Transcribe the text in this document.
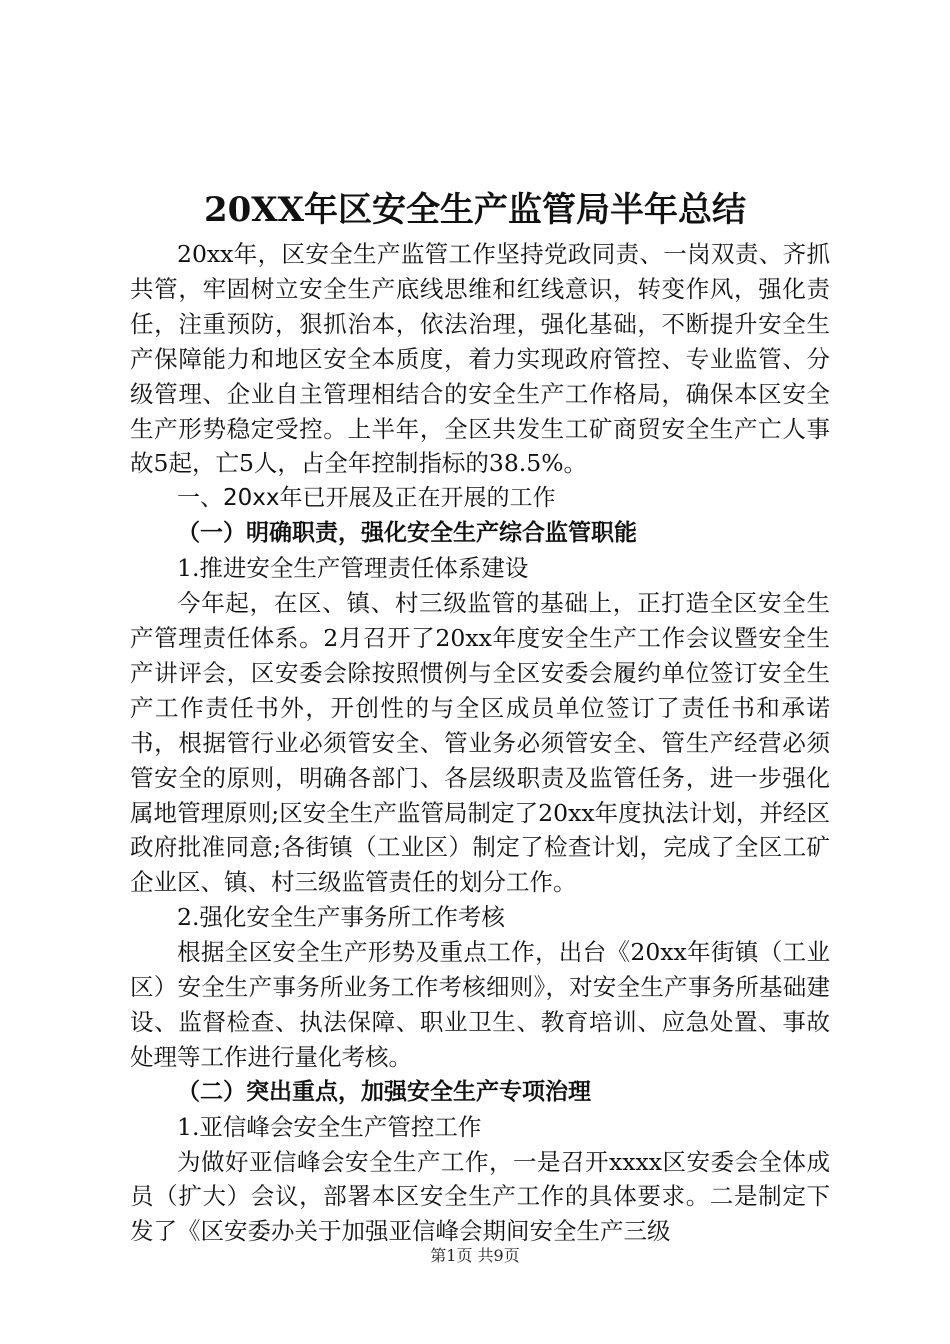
20XX年区安全生产监管局半年总结

20xx年，区安全生产监管工作坚持党政同责、一岗双责、齐抓共管，牢固树立安全生产底线思维和红线意识，转变作风，强化责任，注重预防，狠抓治本，依法治理，强化基础，不断提升安全生产保障能力和地区安全本质度，着力实现政府管控、专业监管、分级管理、企业自主管理相结合的安全生产工作格局，确保本区安全生产形势稳定受控。上半年，全区共发生工矿商贸安全生产亡人事故5起，亡5人，占全年控制指标的38.5%。

一、20xx年已开展及正在开展的工作

（一）明确职责，强化安全生产综合监管职能

1.推进安全生产管理责任体系建设

今年起，在区、镇、村三级监管的基础上，正打造全区安全生产管理责任体系。2月召开了20xx年度安全生产工作会议暨安全生产讲评会，区安委会除按照惯例与全区安委会履约单位签订安全生产工作责任书外，开创性的与全区成员单位签订了责任书和承诺书，根据管行业必须管安全、管业务必须管安全、管生产经营必须管安全的原则，明确各部门、各层级职责及监管任务，进一步强化属地管理原则;区安全生产监管局制定了20xx年度执法计划，并经区政府批准同意;各街镇（工业区）制定了检查计划，完成了全区工矿企业区、镇、村三级监管责任的划分工作。

2.强化安全生产事务所工作考核

根据全区安全生产形势及重点工作，出台《20xx年街镇（工业区）安全生产事务所业务工作考核细则》，对安全生产事务所基础建设、监督检查、执法保障、职业卫生、教育培训、应急处置、事故处理等工作进行量化考核。

（二）突出重点，加强安全生产专项治理

1.亚信峰会安全生产管控工作

为做好亚信峰会安全生产工作，一是召开xxxx区安委会全体成员（扩大）会议，部署本区安全生产工作的具体要求。二是制定下发了《区安委办关于加强亚信峰会期间安全生产三级

第1页 共9页
